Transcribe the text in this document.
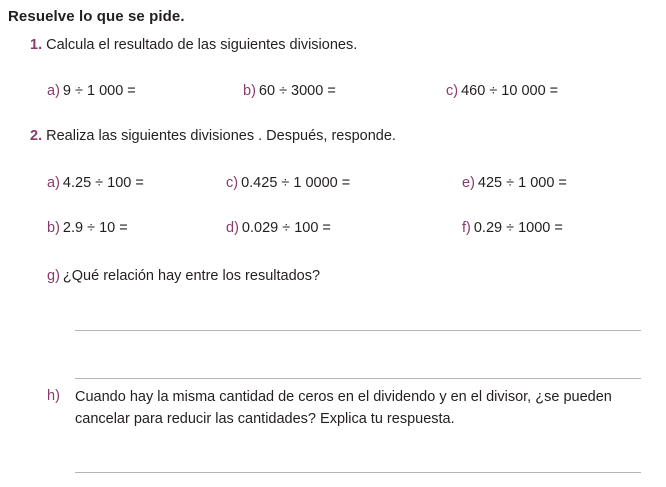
Resuelve lo que se pide.
1. Calcula el resultado de las siguientes divisiones.
a) 9 ÷ 1 000 =	b) 60 ÷ 3000 =	c) 460 ÷ 10 000 =
2. Realiza las siguientes divisiones . Después, responde.
a) 4.25 ÷ 100 =	c) 0.425 ÷ 1 0000 =	e) 425 ÷ 1 000 =
b) 2.9 ÷ 10 =	d) 0.029 ÷ 100 =	f) 0.29 ÷ 1000 =
g) ¿Qué relación hay entre los resultados?
h) Cuando hay la misma cantidad de ceros en el dividendo y en el divisor, ¿se pueden cancelar para reducir las cantidades? Explica tu respuesta.
